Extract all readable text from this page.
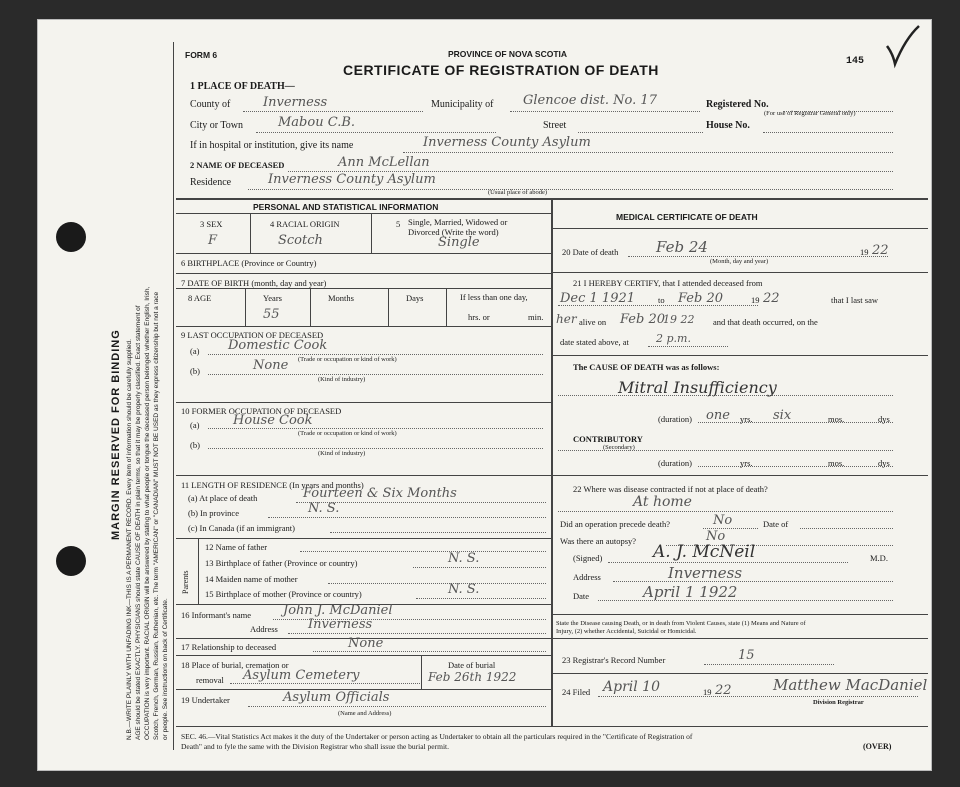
MARGIN RESERVED FOR BINDING N.B.—WRITE PLAINLY WITH UNFADING INK—THIS IS A PERMANENT RECORD. Every item of information should be carefully supplied. AGE should be stated EXACTLY. PHYSICIANS should state CAUSE OF DEATH in plain terms, so that it may be properly classified. Exact statement of OCCUPATION is very important. RACIAL ORIGIN will be answered by stating to what people or tongue the deceased person belonged whether English, Irish, Scotch, French, German, Russian, Ruthenian, etc. The term "AMERICAN" or "CANADIAN" MUST NOT BE USED as they express citizenship but not a race or people. See instructions on back of Certificate.
FORM 6	PROVINCE OF NOVA SCOTIA
CERTIFICATE OF REGISTRATION OF DEATH
145
1 PLACE OF DEATH—
County of	Inverness	Municipality of Glencoe dist. No. 17	Registered No.
(For use of Registrar General only)
City or Town	Mabou C.B.	Street	House No.
If in hospital or institution, give its name	Inverness County Asylum
2 NAME OF DECEASED	Ann McLellan
Residence	Inverness County Asylum
(Usual place of abode)
PERSONAL AND STATISTICAL INFORMATION
3 SEX
F
4 RACIAL ORIGIN
Scotch
5 Single, Married, Widowed or
Divorced (Write the word)
Single
6 BIRTHPLACE (Province or Country)
7 DATE OF BIRTH (month, day and year)
8 AGE	Years
55
Months	Days	If less than one day,
hrs. or	min.
9 LAST OCCUPATION OF DECEASED
(a) Domestic Cook
(Trade or occupation or kind of work)
(b)	None
(Kind of industry)
10 FORMER OCCUPATION OF DECEASED
(a)	House Cook
(Trade or occupation or kind of work)
(b)
(Kind of industry)
11 LENGTH OF RESIDENCE (In years and months)
(a) At place of death	Fourteen & Six Months
(b) In province	N. S.
(c) In Canada (if an immigrant)
Parents
12 Name of father
13 Birthplace of father (Province or country)	N. S.
14 Maiden name of mother
15 Birthplace of mother (Province or country)	N. S.
16 Informant's name John J. McDaniel
Address Inverness
17 Relationship to deceased	None
18 Place of burial, cremation or
removal Asylum Cemetery
Date of burial
Feb 26th 1922
19 Undertaker	Asylum Officials
(Name and Address)
MEDICAL CERTIFICATE OF DEATH
20 Date of death	Feb 24	19 22
(Month, day and year)
21 I HEREBY CERTIFY, that I attended deceased from
Dec 1 1921	to Feb 20	19 22	that I last saw
her alive on Feb 20
19 22 and that death occurred, on the
date stated above, at 2 p.m.
The CAUSE OF DEATH was as follows:
Mitral Insufficiency
(duration) one yrs. six	mos.	dys
CONTRIBUTORY
(Secondary)
(duration)	yrs.	mos.	dys
22 Where was disease contracted if not at place of death?
At home
Did an operation precede death?	No	Date of
Was there an autopsy?	No
(Signed)	A. J. McNeil	M.D.
Address	Inverness
Date	April 1 1922
State the Disease causing Death, or in death from Violent Causes, state (1) Means and Nature of
Injury, (2) whether Accidental, Suicidal or Homicidal.
23 Registrar's Record Number	15
24 Filed April 10	19 22	Matthew MacDaniel
Division Registrar
SEC. 46.—Vital Statistics Act makes it the duty of the Undertaker or person acting as Undertaker to obtain all the particulars required in the "Certificate of Registration of
Death" and to fyle the same with the Division Registrar who shall issue the burial permit.	(OVER)
